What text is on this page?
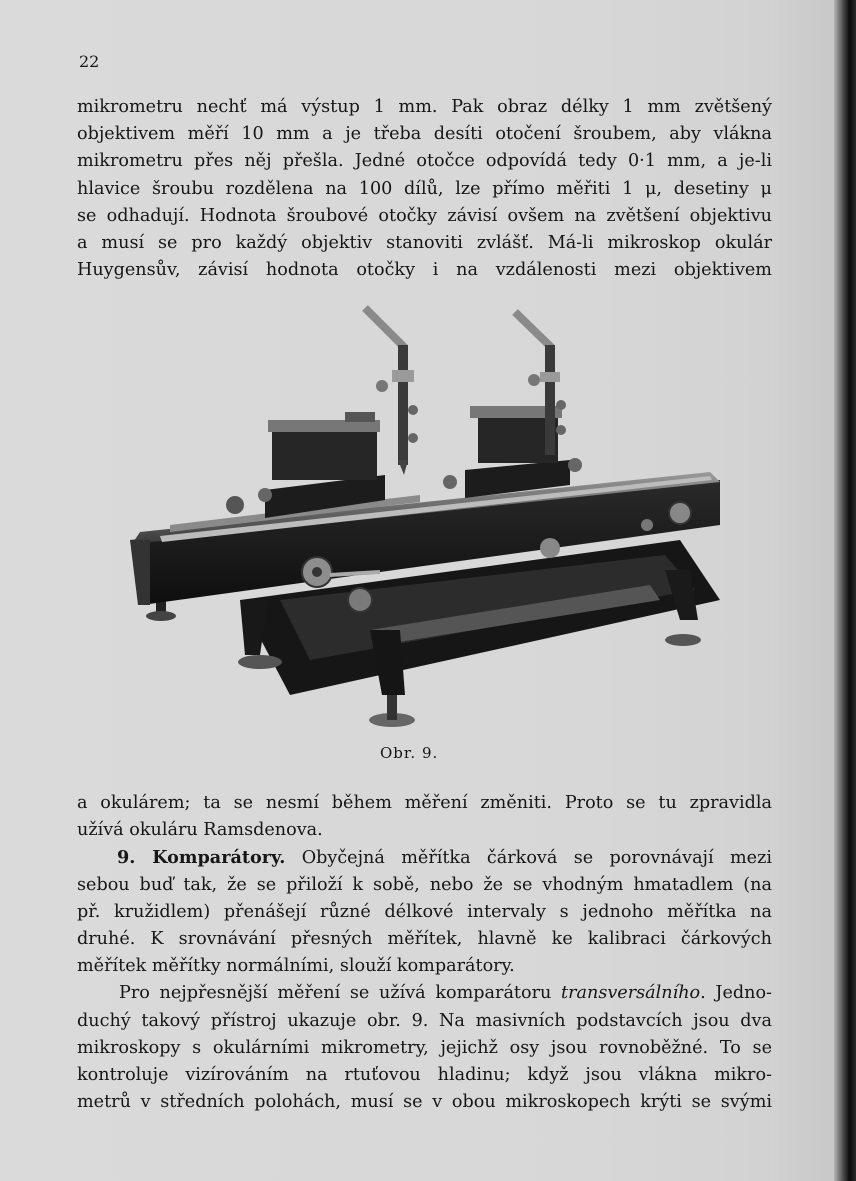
22
mikrometru nechť má výstup 1 mm. Pak obraz délky 1 mm zvětšený
objektivem měří 10 mm a je třeba desíti otočení šroubem, aby vlákna
mikrometru přes něj přešla. Jedné otočce odpovídá tedy 0·1 mm, a je-li
hlavice šroubu rozdělena na 100 dílů, lze přímo měřiti 1 μ, desetiny μ
se odhadují. Hodnota šroubové otočky závisí ovšem na zvětšení objektivu
a musí se pro každý objektiv stanoviti zvlášť. Má-li mikroskop okulár
Huygensův, závisí hodnota otočky i na vzdálenosti mezi objektivem
Obr. 9.
a okulárem; ta se nesmí během měření změniti. Proto se tu zpravidla
užívá okuláru Ramsdenova.
9. Komparátory. Obyčejná měřítka čárková se porovnávají mezi
sebou buď tak, že se přiloží k sobě, nebo že se vhodným hmatadlem (na
př. kružidlem) přenášejí různé délkové intervaly s jednoho měřítka na
druhé. K srovnávání přesných měřítek, hlavně ke kalibraci čárkových
měřítek měřítky normálními, slouží komparátory.
Pro nejpřesnější měření se užívá komparátoru transversálního. Jedno-
duchý takový přístroj ukazuje obr. 9. Na masivních podstavcích jsou dva
mikroskopy s okulárními mikrometry, jejichž osy jsou rovnoběžné. To se
kontroluje vizírováním na rtuťovou hladinu; když jsou vlákna mikro-
metrů v středních polohách, musí se v obou mikroskopech krýti se svými
